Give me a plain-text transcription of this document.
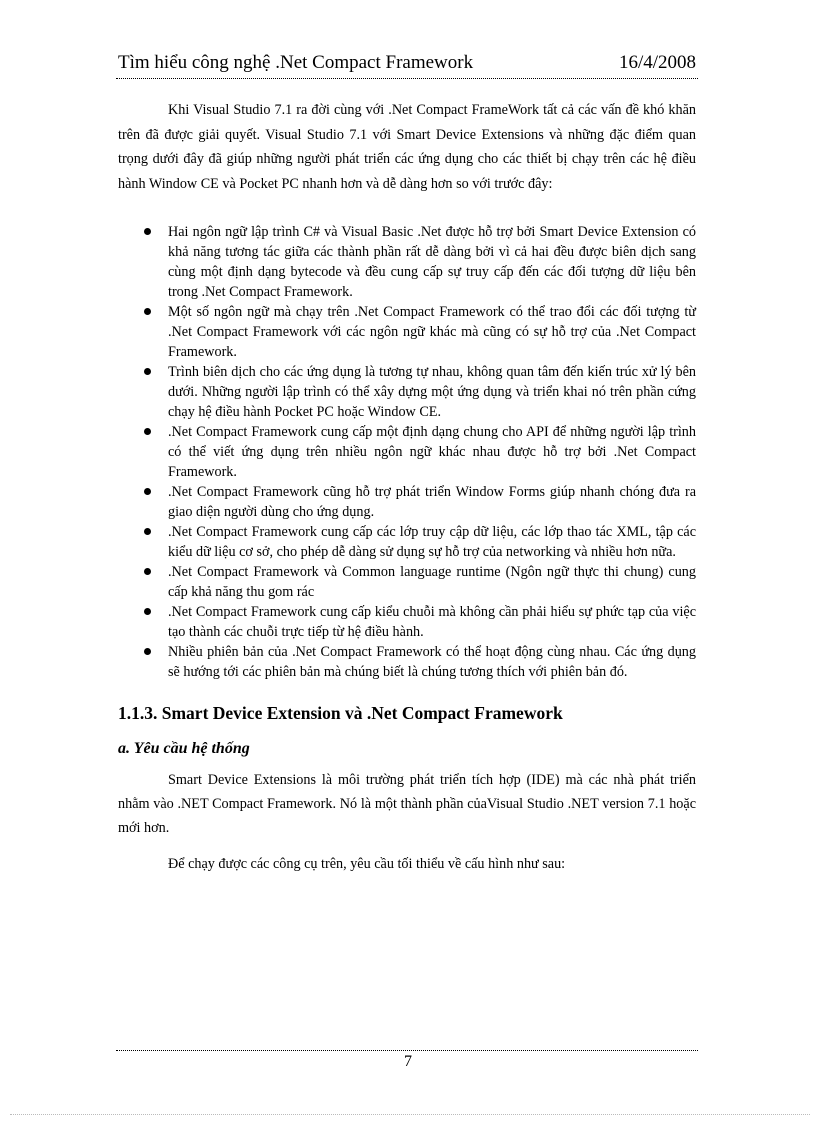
Tìm hiểu công nghệ .Net Compact Framework	16/4/2008

Khi Visual Studio 7.1 ra đời cùng với .Net Compact FrameWork tất cả các vấn đề khó khăn trên đã được giải quyết. Visual Studio 7.1 với Smart Device Extensions và những đặc điểm quan trọng dưới đây đã giúp những người phát triển các ứng dụng cho các thiết bị chạy trên các hệ điều hành Window CE và Pocket PC nhanh hơn và dễ dàng hơn so với trước đây:

Hai ngôn ngữ lập trình C# và Visual Basic .Net được hỗ trợ bởi Smart Device Extension có khả năng tương tác giữa các thành phần rất dễ dàng bởi vì cả hai đều được biên dịch sang cùng một định dạng bytecode và đều cung cấp sự truy cấp đến các đối tượng dữ liệu bên trong .Net Compact Framework.
Một số ngôn ngữ mà chạy trên .Net Compact Framework có thể trao đổi các đối tượng từ .Net Compact Framework với các ngôn ngữ khác mà cũng có sự hỗ trợ của .Net Compact Framework.
Trình biên dịch cho các ứng dụng là tương tự nhau, không quan tâm đến kiến trúc xử lý bên dưới. Những người lập trình có thể xây dựng một ứng dụng và triển khai nó trên phần cứng chạy hệ điều hành Pocket PC hoặc Window CE.
.Net Compact Framework cung cấp một định dạng chung cho API để những người lập trình có thể viết ứng dụng trên nhiều ngôn ngữ khác nhau được hỗ trợ bởi .Net Compact Framework.
.Net Compact Framework cũng hỗ trợ phát triển Window Forms giúp nhanh chóng đưa ra giao diện người dùng cho ứng dụng.
.Net Compact Framework cung cấp các lớp truy cập dữ liệu, các lớp thao tác XML, tập các kiểu dữ liệu cơ sở, cho phép dễ dàng sử dụng sự hỗ trợ của networking và nhiều hơn nữa.
.Net Compact Framework và Common language runtime (Ngôn ngữ thực thi chung) cung cấp khả năng thu gom rác
.Net Compact Framework cung cấp kiểu chuỗi mà không cần phải hiểu sự phức tạp của việc tạo thành các chuỗi trực tiếp từ hệ điều hành.
Nhiều phiên bản của .Net Compact Framework có thể hoạt động cùng nhau. Các ứng dụng sẽ hướng tới các phiên bản mà chúng biết là chúng tương thích với phiên bản đó.
1.1.3. Smart Device Extension và .Net Compact Framework
a. Yêu cầu hệ thống

Smart Device Extensions là môi trường phát triển tích hợp (IDE) mà các nhà phát triển nhằm vào .NET Compact Framework. Nó là một thành phần củaVisual Studio .NET version 7.1 hoặc mới hơn.

Để chạy được các công cụ trên, yêu cầu tối thiểu về cấu hình như sau:

7
